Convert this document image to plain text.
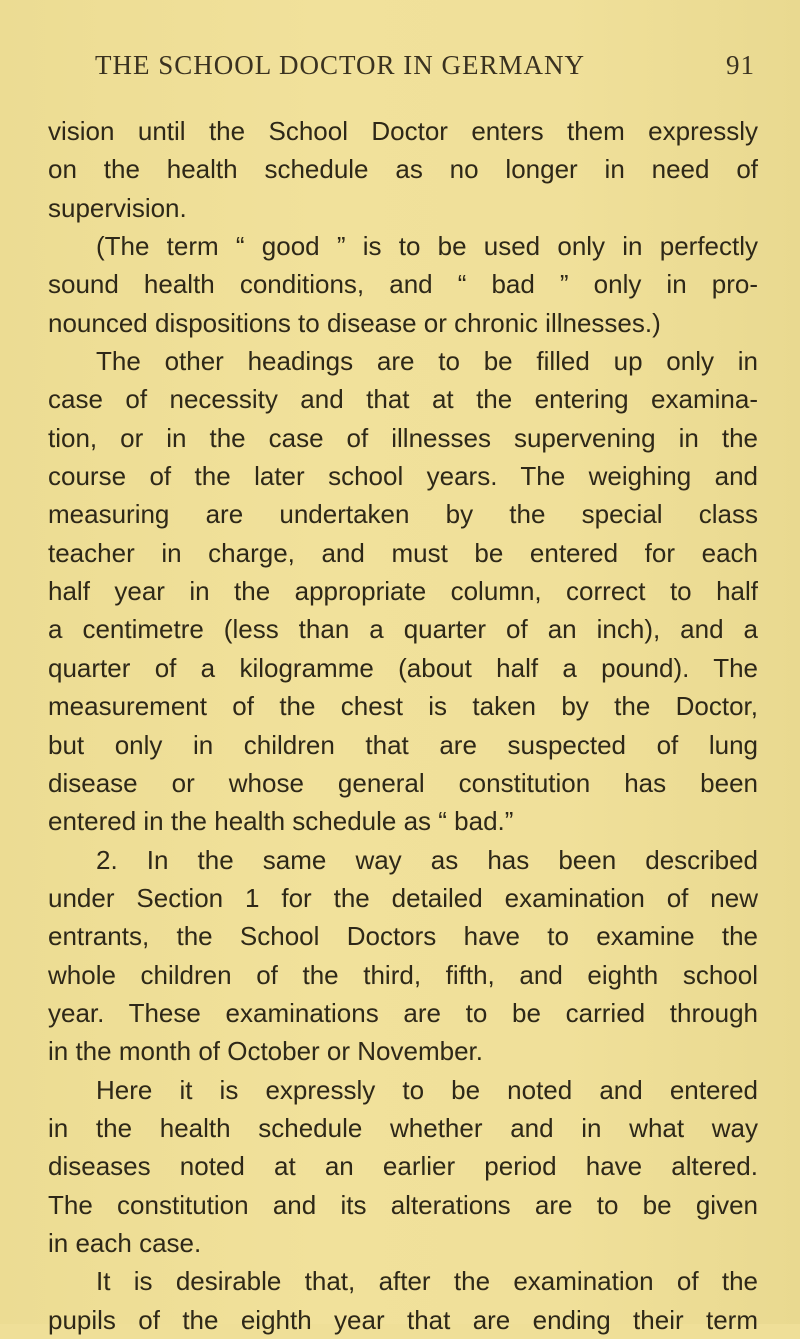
THE SCHOOL DOCTOR IN GERMANY	91
vision until the School Doctor enters them expressly
on the health schedule as no longer in need of
supervision.
(The term “ good ” is to be used only in perfectly
sound health conditions, and “ bad ” only in pro-
nounced dispositions to disease or chronic illnesses.)
The other headings are to be filled up only in
case of necessity and that at the entering examina-
tion, or in the case of illnesses supervening in the
course of the later school years. The weighing and
measuring are undertaken by the special class
teacher in charge, and must be entered for each
half year in the appropriate column, correct to half
a centimetre (less than a quarter of an inch), and a
quarter of a kilogramme (about half a pound). The
measurement of the chest is taken by the Doctor,
but only in children that are suspected of lung
disease or whose general constitution has been
entered in the health schedule as “ bad.”
2. In the same way as has been described
under Section 1 for the detailed examination of new
entrants, the School Doctors have to examine the
whole children of the third, fifth, and eighth school
year. These examinations are to be carried through
in the month of October or November.
Here it is expressly to be noted and entered
in the health schedule whether and in what way
diseases noted at an earlier period have altered.
The constitution and its alterations are to be given
in each case.
It is desirable that, after the examination of the
pupils of the eighth year that are ending their term
